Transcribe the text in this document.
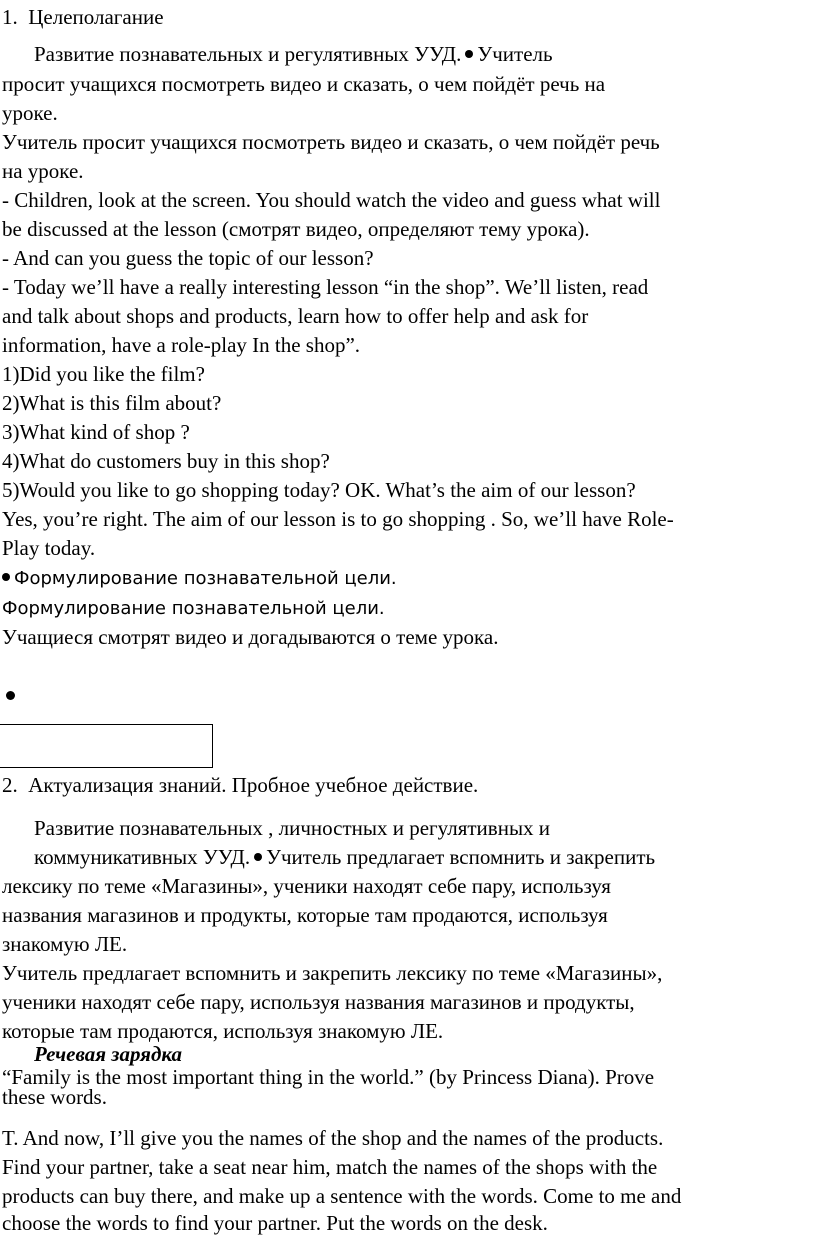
1. Целеполагание
Развитие познавательных и регулятивных УУД. Учитель
просит учащихся посмотреть видео и сказать, о чем пойдёт речь на
уроке.
Учитель просит учащихся посмотреть видео и сказать, о чем пойдёт речь
на уроке.
- Children, look at the screen. You should watch the video and guess what will
be discussed at the lesson (смотрят видео, определяют тему урока).
- And can you guess the topic of our lesson?
- Today we’ll have a really interesting lesson “in the shop”. We’ll listen, read
and talk about shops and products, learn how to offer help and ask for
information, have a role-play In the shop”.
1)Did you like the film?
2)What is this film about?
3)What kind of shop ?
4)What do customers buy in this shop?
5)Would you like to go shopping today? OK. What’s the aim of our lesson?
Yes, you’re right. The aim of our lesson is to go shopping . So, we’ll have Role-
Play today.
Формулирование познавательной цели.
Формулирование познавательной цели.
Учащиеся смотрят видео и догадываются о теме урока.
2. Актуализация знаний. Пробное учебное действие.
Развитие познавательных , личностных и регулятивных и
коммуникативных УУД. Учитель предлагает вспомнить и закрепить
лексику по теме «Магазины», ученики находят себе пару, используя
названия магазинов и продукты, которые там продаются, используя
знакомую ЛЕ.
Учитель предлагает вспомнить и закрепить лексику по теме «Магазины»,
ученики находят себе пару, используя названия магазинов и продукты,
которые там продаются, используя знакомую ЛЕ.
Речевая зарядка
“Family is the most important thing in the world.” (by Princess Diana). Prove
these words.
T. And now, I’ll give you the names of the shop and the names of the products.
Find your partner, take a seat near him, match the names of the shops with the
products can buy there, and make up a sentence with the words. Come to me and
choose the words to find your partner. Put the words on the desk.
